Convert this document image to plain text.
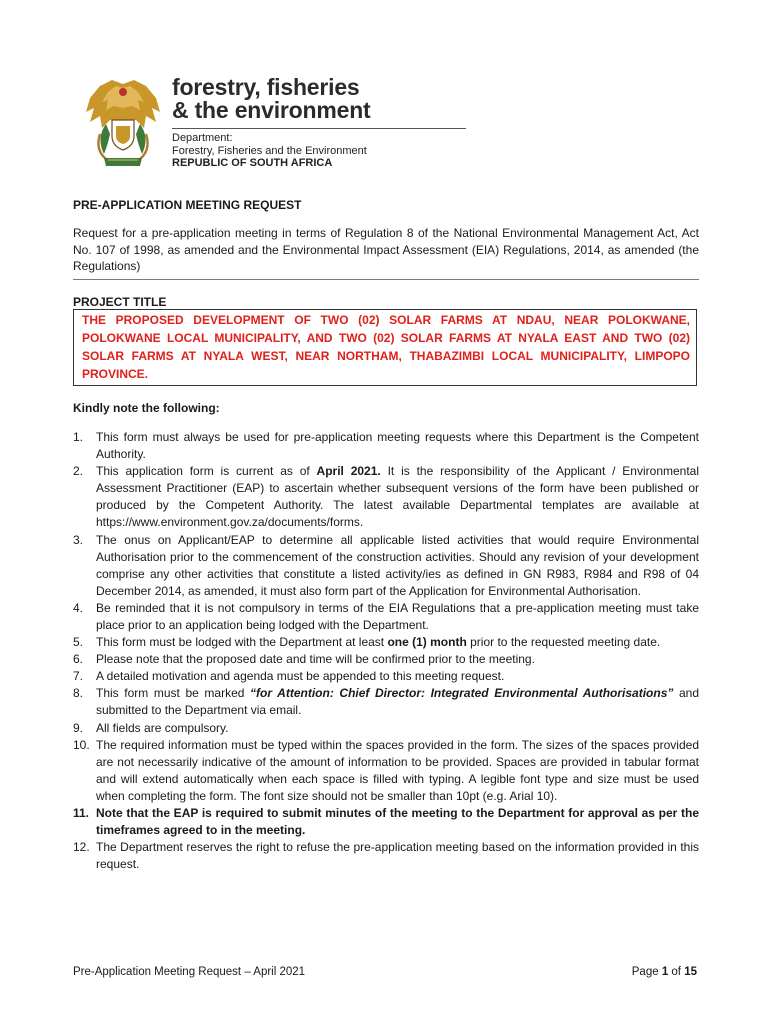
forestry, fisheries
& the environment
Department:
Forestry, Fisheries and the Environment
REPUBLIC OF SOUTH AFRICA
PRE-APPLICATION MEETING REQUEST

Request for a pre-application meeting in terms of Regulation 8 of the National Environmental Management Act, Act No. 107 of 1998, as amended and the Environmental Impact Assessment (EIA) Regulations, 2014, as amended (the Regulations)

PROJECT TITLE
THE PROPOSED DEVELOPMENT OF TWO (02) SOLAR FARMS AT NDAU, NEAR POLOKWANE, POLOKWANE LOCAL MUNICIPALITY, AND TWO (02) SOLAR FARMS AT NYALA EAST AND TWO (02) SOLAR FARMS AT NYALA WEST, NEAR NORTHAM, THABAZIMBI LOCAL MUNICIPALITY, LIMPOPO PROVINCE.
Kindly note the following:
1. This form must always be used for pre-application meeting requests where this Department is the Competent Authority.
2. This application form is current as of April 2021. It is the responsibility of the Applicant / Environmental Assessment Practitioner (EAP) to ascertain whether subsequent versions of the form have been published or produced by the Competent Authority. The latest available Departmental templates are available at https://www.environment.gov.za/documents/forms.
3. The onus on Applicant/EAP to determine all applicable listed activities that would require Environmental Authorisation prior to the commencement of the construction activities. Should any revision of your development comprise any other activities that constitute a listed activity/ies as defined in GN R983, R984 and R98 of 04 December 2014, as amended, it must also form part of the Application for Environmental Authorisation.
4. Be reminded that it is not compulsory in terms of the EIA Regulations that a pre-application meeting must take place prior to an application being lodged with the Department.
5. This form must be lodged with the Department at least one (1) month prior to the requested meeting date.
6. Please note that the proposed date and time will be confirmed prior to the meeting.
7. A detailed motivation and agenda must be appended to this meeting request.
8. This form must be marked “for Attention: Chief Director: Integrated Environmental Authorisations” and submitted to the Department via email.
9. All fields are compulsory.
10. The required information must be typed within the spaces provided in the form. The sizes of the spaces provided are not necessarily indicative of the amount of information to be provided. Spaces are provided in tabular format and will extend automatically when each space is filled with typing. A legible font type and size must be used when completing the form. The font size should not be smaller than 10pt (e.g. Arial 10).
11. Note that the EAP is required to submit minutes of the meeting to the Department for approval as per the timeframes agreed to in the meeting.
12. The Department reserves the right to refuse the pre-application meeting based on the information provided in this request.
Pre-Application Meeting Request – April 2021	Page 1 of 15
